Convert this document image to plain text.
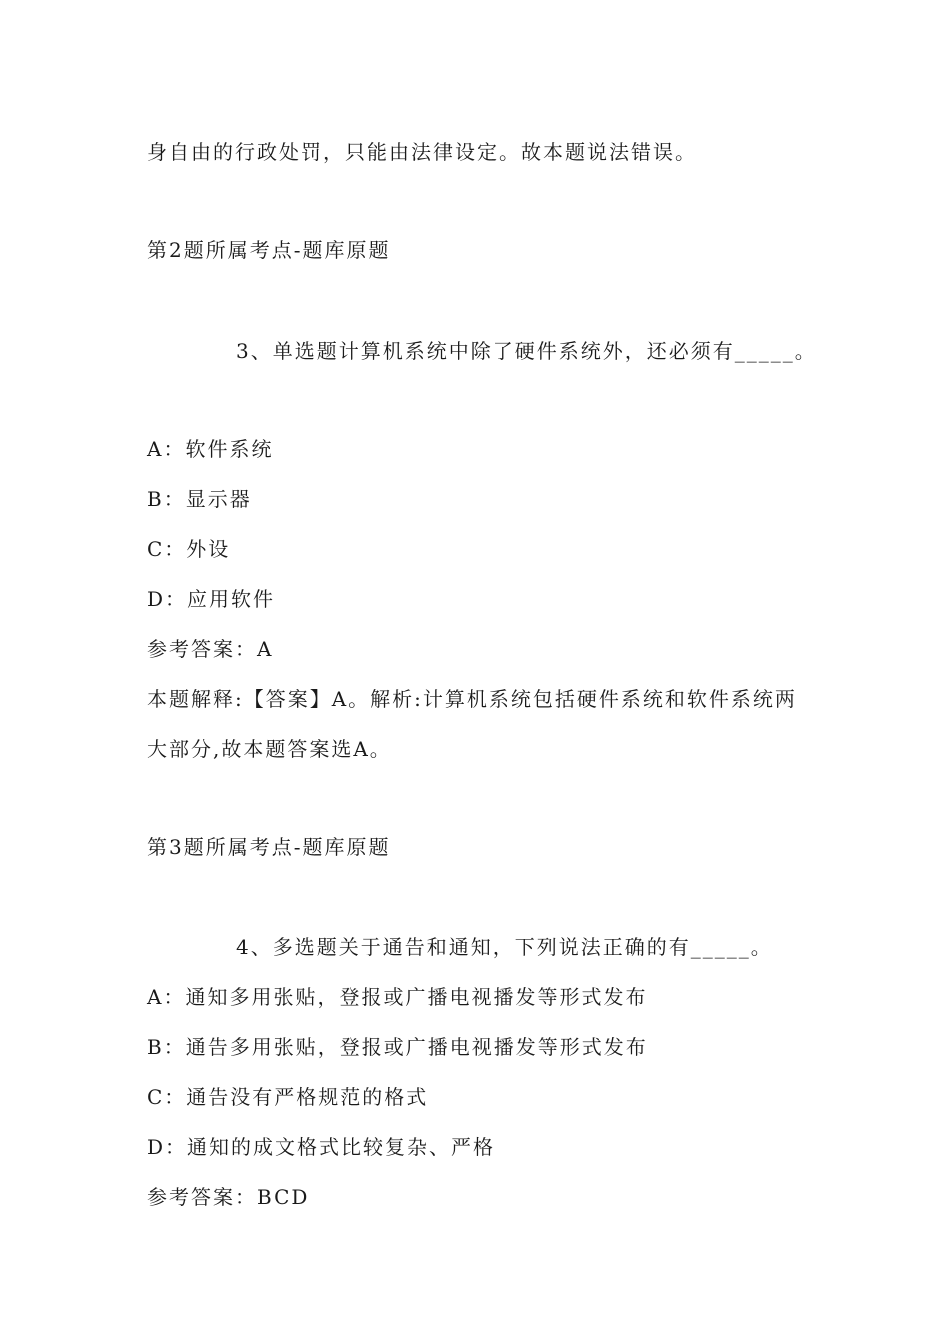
身自由的行政处罚，只能由法律设定。故本题说法错误。
第2题所属考点-题库原题
3、单选题计算机系统中除了硬件系统外，还必须有_____。
A：软件系统
B：显示器
C：外设
D：应用软件
参考答案：A
本题解释:【答案】A。解析:计算机系统包括硬件系统和软件系统两
大部分,故本题答案选A。
第3题所属考点-题库原题
4、多选题关于通告和通知，下列说法正确的有_____。
A：通知多用张贴，登报或广播电视播发等形式发布
B：通告多用张贴，登报或广播电视播发等形式发布
C：通告没有严格规范的格式
D：通知的成文格式比较复杂、严格
参考答案：BCD
